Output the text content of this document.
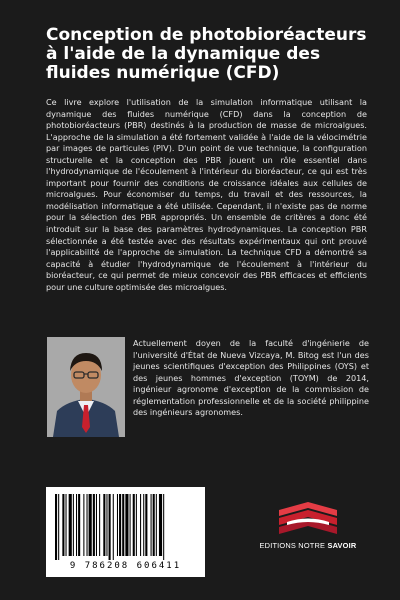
Conception de photobioréacteurs à l'aide de la dynamique des fluides numérique (CFD)

Ce livre explore l'utilisation de la simulation informatique utilisant la dynamique des fluides numérique (CFD) dans la conception de photobioréacteurs (PBR) destinés à la production de masse de microalgues. L'approche de la simulation a été fortement validée à l'aide de la vélocimétrie par images de particules (PIV). D'un point de vue technique, la configuration structurelle et la conception des PBR jouent un rôle essentiel dans l'hydrodynamique de l'écoulement à l'intérieur du bioréacteur, ce qui est très important pour fournir des conditions de croissance idéales aux cellules de microalgues. Pour économiser du temps, du travail et des ressources, la modélisation informatique a été utilisée. Cependant, il n'existe pas de norme pour la sélection des PBR appropriés. Un ensemble de critères a donc été introduit sur la base des paramètres hydrodynamiques. La conception PBR sélectionnée a été testée avec des résultats expérimentaux qui ont prouvé l'applicabilité de l'approche de simulation. La technique CFD a démontré sa capacité à étudier l'hydrodynamique de l'écoulement à l'intérieur du bioréacteur, ce qui permet de mieux concevoir des PBR efficaces et efficients pour une culture optimisée des microalgues.

Actuellement doyen de la faculté d'ingénierie de l'université d'État de Nueva Vizcaya, M. Bitog est l'un des jeunes scientifiques d'exception des Philippines (OYS) et des jeunes hommes d'exception (TOYM) de 2014, ingénieur agronome d'exception de la commission de réglementation professionnelle et de la société philippine des ingénieurs agronomes.

9 786208 606411
EDITIONS NOTRE SAVOIR
